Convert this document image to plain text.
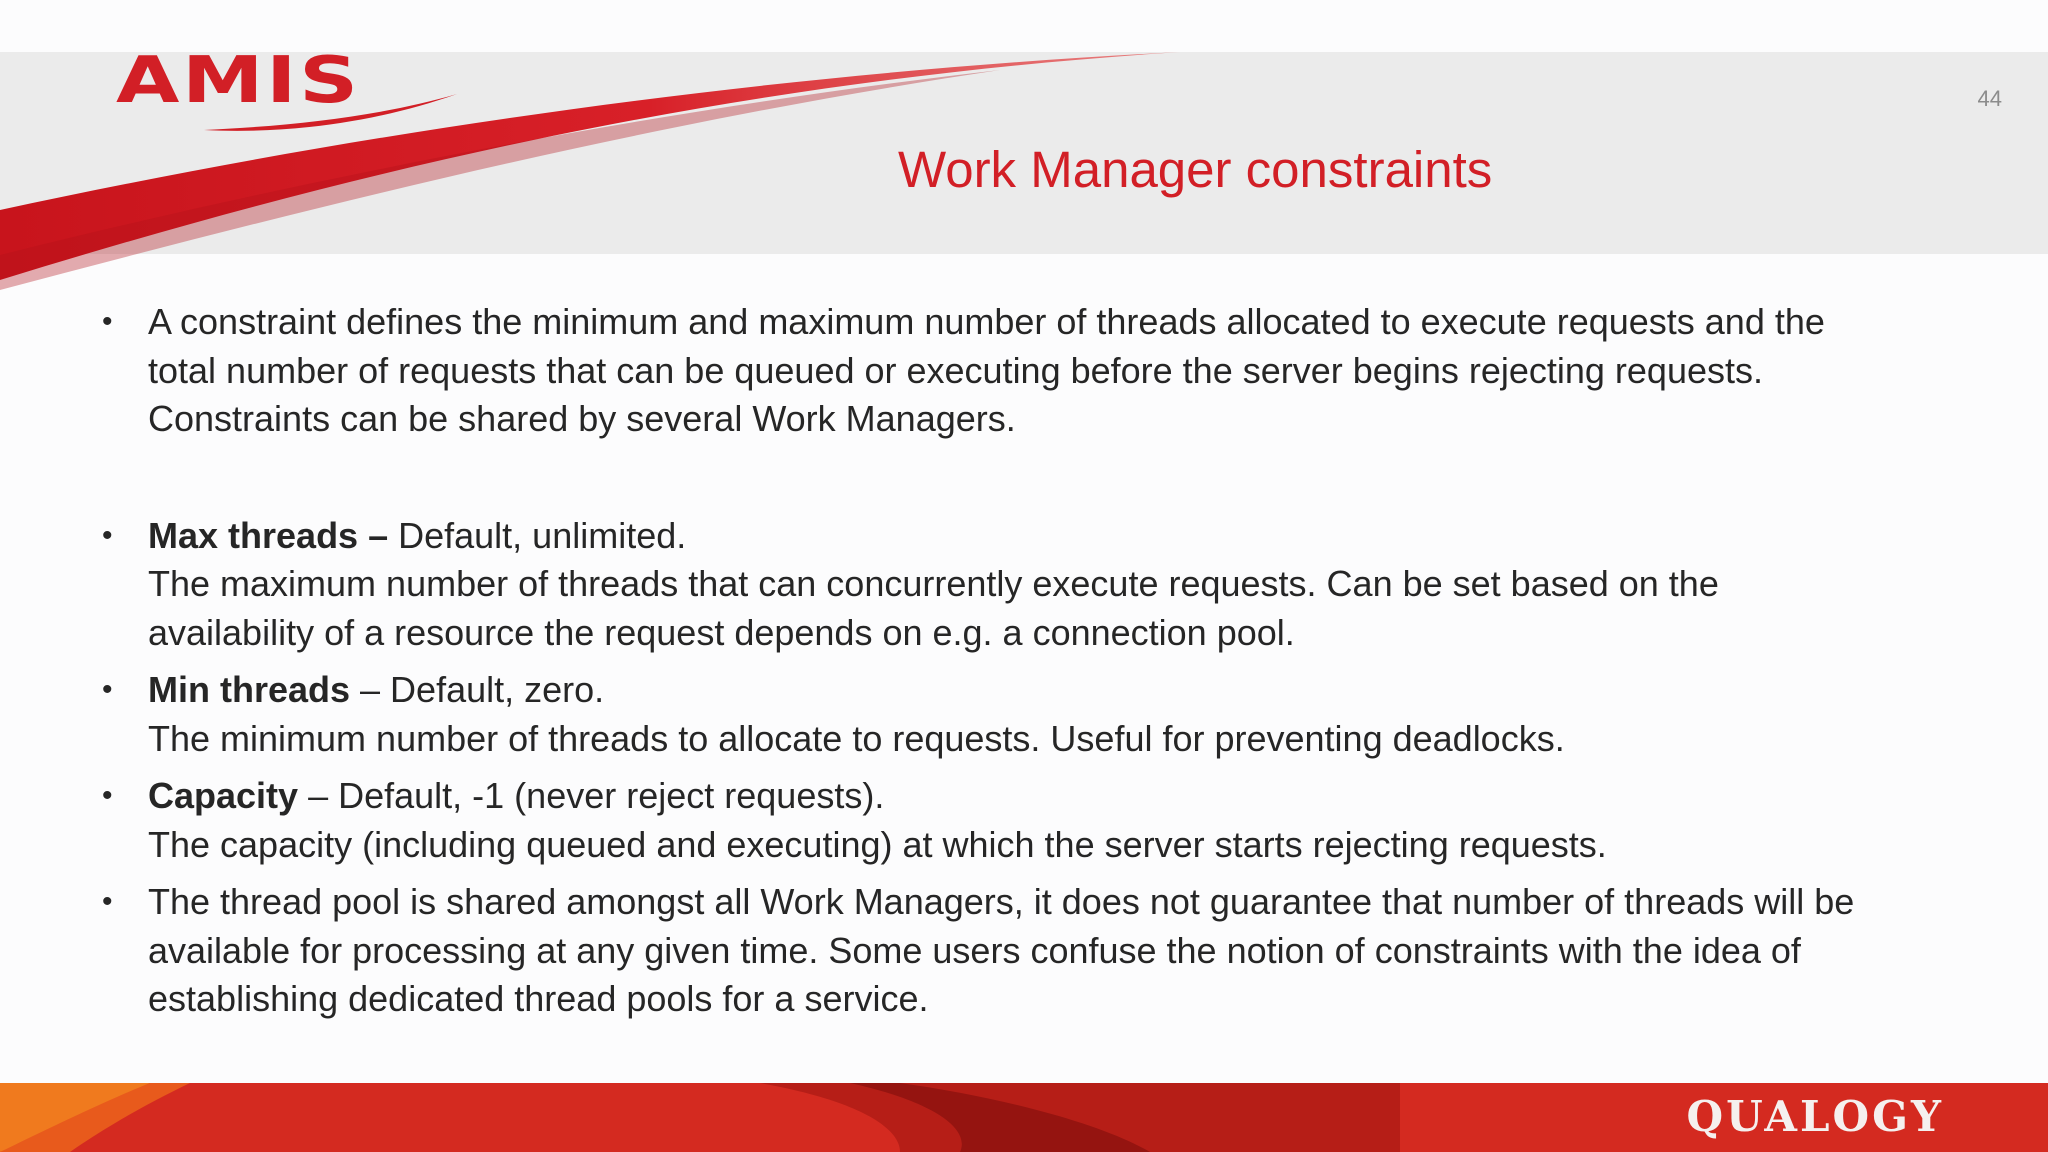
AMIS	44
Work Manager constraints
• A constraint defines the minimum and maximum number of threads allocated to execute requests and the
total number of requests that can be queued or executing before the server begins rejecting requests.
Constraints can be shared by several Work Managers.
• Max threads – Default, unlimited.
The maximum number of threads that can concurrently execute requests. Can be set based on the
availability of a resource the request depends on e.g. a connection pool.
• Min threads – Default, zero.
The minimum number of threads to allocate to requests. Useful for preventing deadlocks.
• Capacity – Default, -1 (never reject requests).
The capacity (including queued and executing) at which the server starts rejecting requests.
• The thread pool is shared amongst all Work Managers, it does not guarantee that number of threads will be
available for processing at any given time. Some users confuse the notion of constraints with the idea of
establishing dedicated thread pools for a service.
QUALOGY
